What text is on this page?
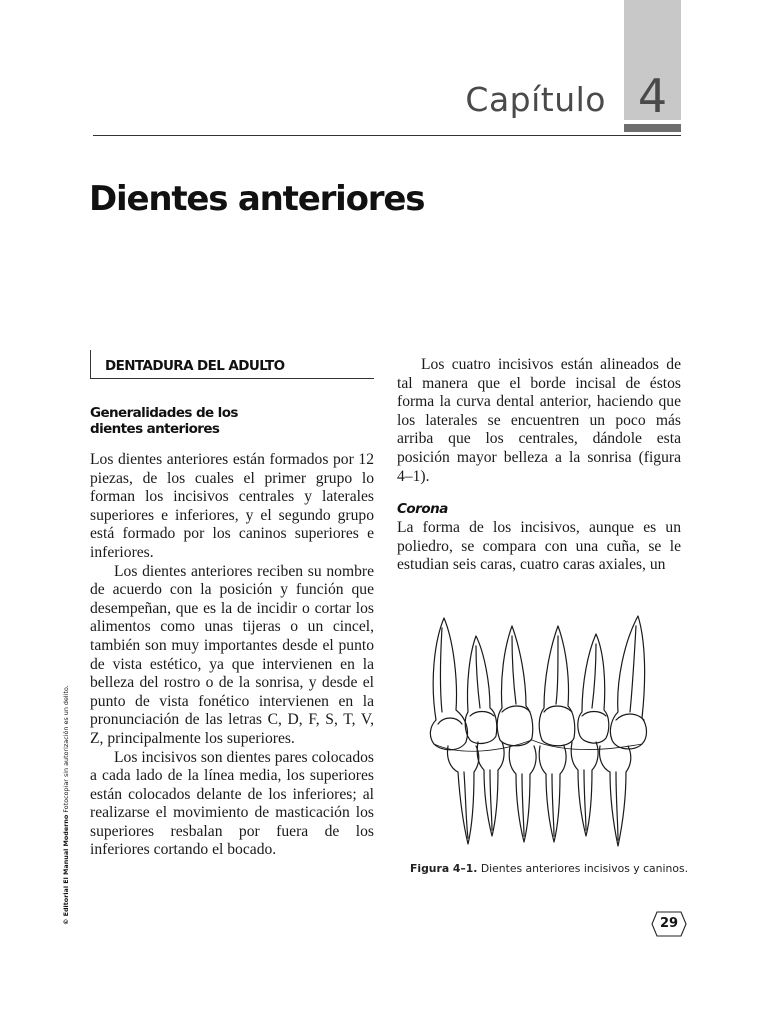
4
Capítulo
Dientes anteriores
© Editorial El Manual Moderno Fotocopiar sin autorización es un delito.
DENTADURA DEL ADULTO
Generalidades de los
dientes anteriores

Los dientes anteriores están formados por 12 piezas, de los cuales el primer grupo lo forman los incisivos centrales y laterales superiores e inferiores, y el segundo grupo está formado por los caninos superiores e inferiores.

Los dientes anteriores reciben su nombre de acuerdo con la posición y función que desempeñan, que es la de incidir o cortar los alimentos como unas tijeras o un cincel, también son muy importantes desde el punto de vista estético, ya que intervienen en la belleza del rostro o de la sonrisa, y desde el punto de vista fonético intervienen en la pronunciación de las letras C, D, F, S, T, V, Z, principalmente los superiores.

Los incisivos son dientes pares colocados a cada lado de la línea media, los superiores están colocados delante de los inferiores; al realizarse el movimiento de masticación los superiores resbalan por fuera de los inferiores cortando el bocado.

Los cuatro incisivos están alineados de tal manera que el borde incisal de éstos forma la curva dental anterior, haciendo que los laterales se encuentren un poco más arriba que los centrales, dándole esta posición mayor belleza a la sonrisa (figura 4–1).

Corona

La forma de los incisivos, aunque es un poliedro, se compara con una cuña, se le estudian seis caras, cuatro caras axiales, un

Figura 4–1. Dientes anteriores incisivos y caninos.
29
